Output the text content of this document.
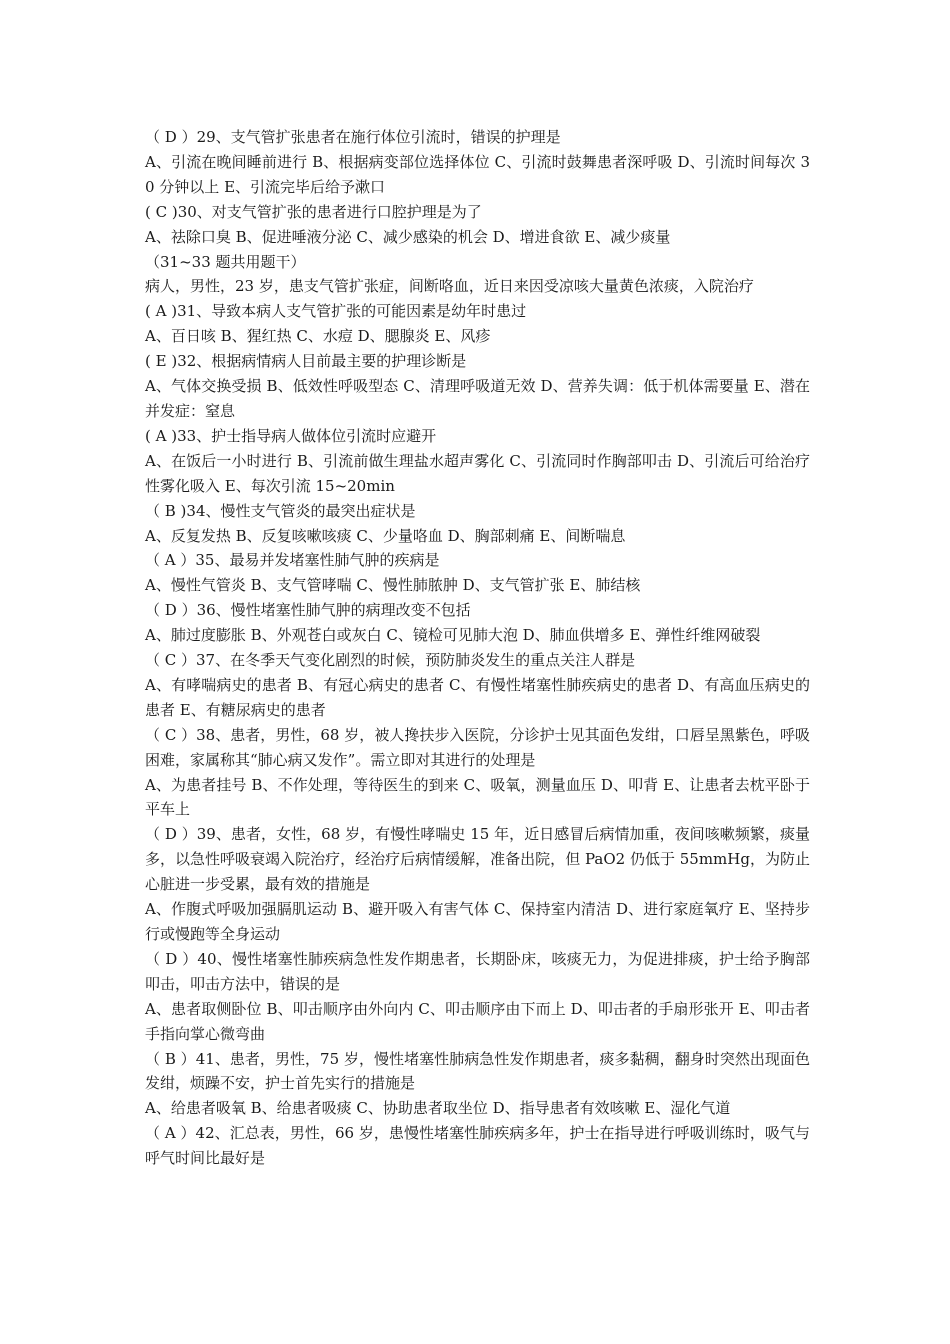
（ D ）29、支气管扩张患者在施行体位引流时，错误的护理是

A、引流在晚间睡前进行 B、根据病变部位选择体位 C、引流时鼓舞患者深呼吸 D、引流时间每次 30 分钟以上 E、引流完毕后给予漱口

( C )30、对支气管扩张的患者进行口腔护理是为了

A、祛除口臭 B、促进唾液分泌 C、减少感染的机会 D、增进食欲 E、减少痰量

（31~33 题共用题干）

病人，男性，23 岁，患支气管扩张症，间断咯血，近日来因受凉咳大量黄色浓痰，入院治疗

( A )31、导致本病人支气管扩张的可能因素是幼年时患过

A、百日咳 B、猩红热 C、水痘 D、腮腺炎 E、风疹

( E )32、根据病情病人目前最主要的护理诊断是

A、气体交换受损 B、低效性呼吸型态 C、清理呼吸道无效 D、营养失调：低于机体需要量 E、潜在并发症：窒息

( A )33、护士指导病人做体位引流时应避开

A、在饭后一小时进行 B、引流前做生理盐水超声雾化 C、引流同时作胸部叩击 D、引流后可给治疗性雾化吸入 E、每次引流 15~20min

（ B )34、慢性支气管炎的最突出症状是

A、反复发热 B、反复咳嗽咳痰 C、少量咯血 D、胸部刺痛 E、间断喘息

（ A ）35、最易并发堵塞性肺气肿的疾病是

A、慢性气管炎 B、支气管哮喘 C、慢性肺脓肿 D、支气管扩张 E、肺结核

（ D ）36、慢性堵塞性肺气肿的病理改变不包括

A、肺过度膨胀 B、外观苍白或灰白 C、镜检可见肺大泡 D、肺血供增多 E、弹性纤维网破裂

（ C ）37、在冬季天气变化剧烈的时候，预防肺炎发生的重点关注人群是

A、有哮喘病史的患者 B、有冠心病史的患者 C、有慢性堵塞性肺疾病史的患者 D、有高血压病史的患者 E、有糖尿病史的患者

（ C ）38、患者，男性，68 岁，被人搀扶步入医院，分诊护士见其面色发绀，口唇呈黑紫色，呼吸困难，家属称其“肺心病又发作”。需立即对其进行的处理是

A、为患者挂号 B、不作处理，等待医生的到来 C、吸氧，测量血压 D、叩背 E、让患者去枕平卧于平车上

（ D ）39、患者，女性，68 岁，有慢性哮喘史 15 年，近日感冒后病情加重，夜间咳嗽频繁，痰量多，以急性呼吸衰竭入院治疗，经治疗后病情缓解，准备出院，但 PaO2 仍低于 55mmHg，为防止心脏进一步受累，最有效的措施是

A、作腹式呼吸加强膈肌运动 B、避开吸入有害气体 C、保持室内清洁 D、进行家庭氧疗 E、坚持步行或慢跑等全身运动

（ D ）40、慢性堵塞性肺疾病急性发作期患者，长期卧床，咳痰无力，为促进排痰，护士给予胸部叩击，叩击方法中，错误的是

A、患者取侧卧位 B、叩击顺序由外向内 C、叩击顺序由下而上 D、叩击者的手扇形张开 E、叩击者手指向掌心微弯曲

（ B ）41、患者，男性，75 岁，慢性堵塞性肺病急性发作期患者，痰多黏稠，翻身时突然出现面色发绀，烦躁不安，护士首先实行的措施是

A、给患者吸氧 B、给患者吸痰 C、协助患者取坐位 D、指导患者有效咳嗽 E、湿化气道

（ A ）42、汇总表，男性，66 岁，患慢性堵塞性肺疾病多年，护士在指导进行呼吸训练时，吸气与呼气时间比最好是
